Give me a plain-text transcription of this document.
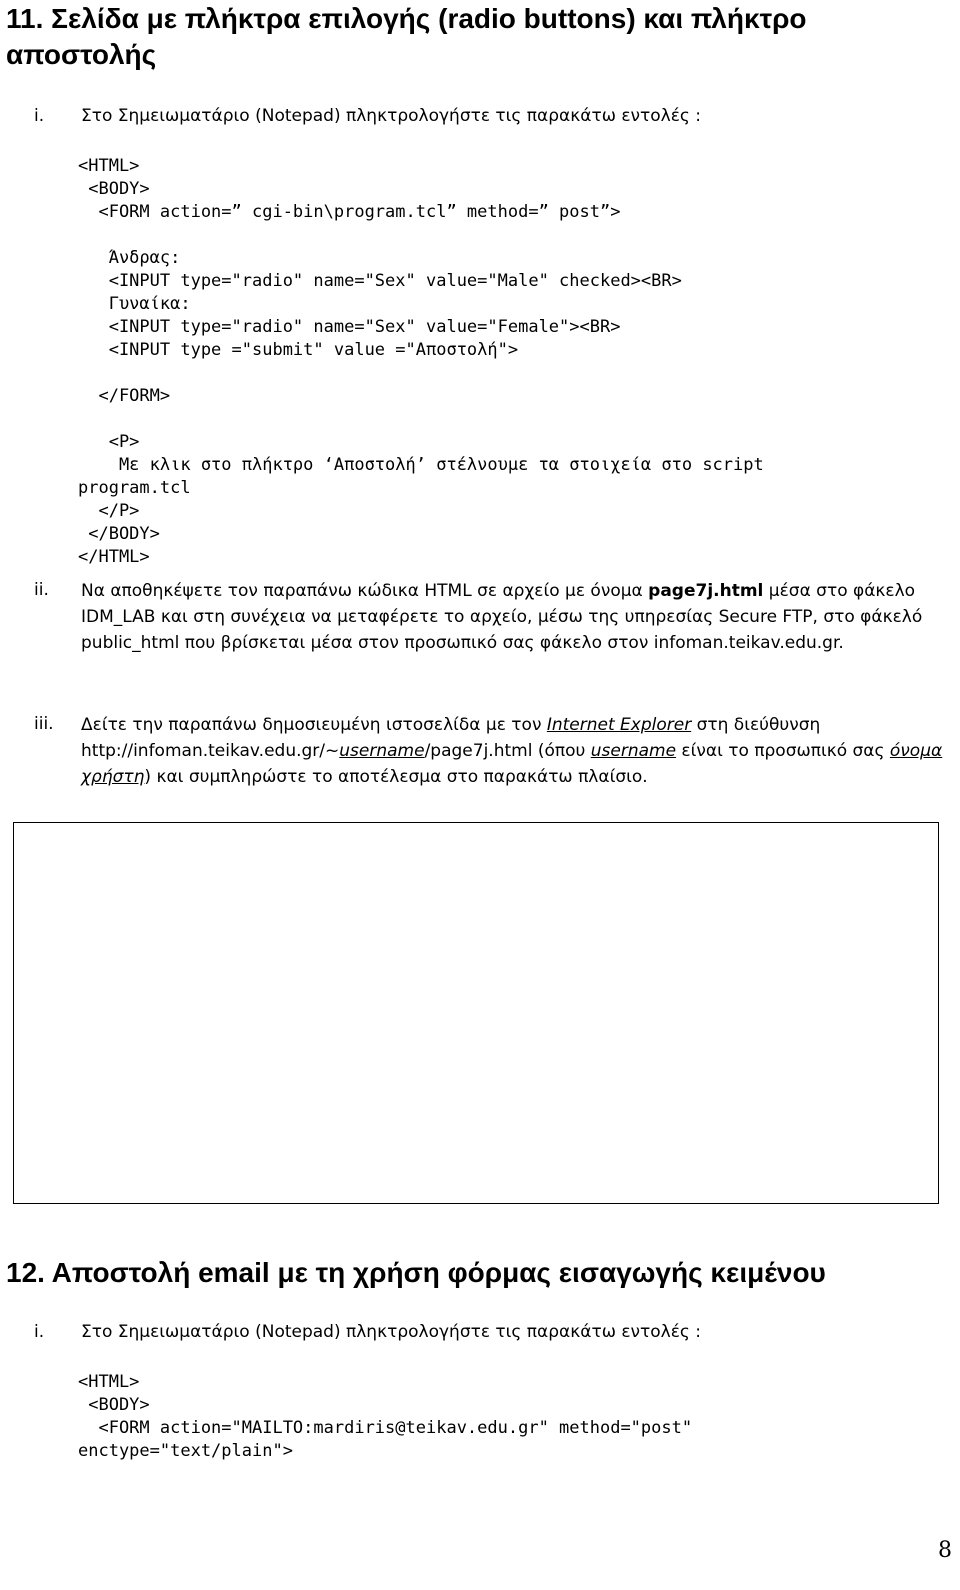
11. Σελίδα με πλήκτρα επιλογής (radio buttons) και πλήκτρο
αποστολής
i. Στο Σημειωματάριο (Notepad) πληκτρολογήστε τις παρακάτω εντολές :
<HTML>
<BODY>
<FORM action=” cgi-bin\program.tcl” method=” post”>

Άνδρας:
<INPUT type="radio" name="Sex" value="Male" checked><BR>
Γυναίκα:
<INPUT type="radio" name="Sex" value="Female"><BR>
<INPUT type ="submit" value ="Αποστολή">

</FORM>

<P>
Με κλικ στο πλήκτρο ‘Αποστολή’ στέλνουμε τα στοιχεία στο script
program.tcl
</P>
</BODY>
</HTML>

ii. Να αποθηκέψετε τον παραπάνω κώδικα HTML σε αρχείο με όνομα page7j.html μέσα στο φάκελο IDM_LAB και στη συνέχεια να μεταφέρετε το αρχείο, μέσω της υπηρεσίας Secure FTP, στο φάκελό public_html που βρίσκεται μέσα στον προσωπικό σας φάκελο στον infoman.teikav.edu.gr.

iii. Δείτε την παραπάνω δημοσιευμένη ιστοσελίδα με τον Internet Explorer στη διεύθυνση http://infoman.teikav.edu.gr/~username/page7j.html (όπου username είναι το προσωπικό σας όνομα χρήστη) και συμπληρώστε το αποτέλεσμα στο παρακάτω πλαίσιο.

12. Αποστολή email με τη χρήση φόρμας εισαγωγής κειμένου
i. Στο Σημειωματάριο (Notepad) πληκτρολογήστε τις παρακάτω εντολές :
<HTML>
<BODY>
<FORM action="MAILTO:mardiris@teikav.edu.gr" method="post"
enctype="text/plain">

8
